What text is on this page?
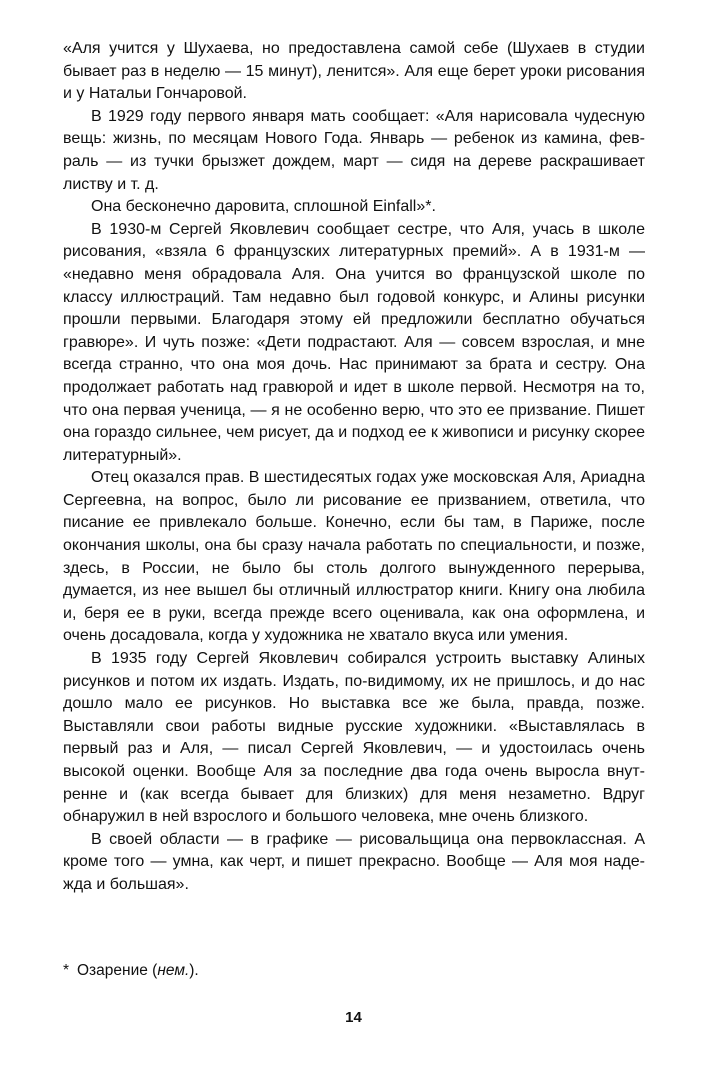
«Аля учится у Шухаева, но предоставлена самой себе (Шухаев в студии бывает раз в неделю — 15 минут), ленится». Аля еще берет уроки рисования и у Натальи Гончаровой.

В 1929 году первого января мать сообщает: «Аля нарисовала чудесную вещь: жизнь, по месяцам Нового Года. Январь — ребенок из камина, февраль — из тучки брызжет дождем, март — сидя на дереве раскрашивает листву и т. д.

Она бесконечно даровита, сплошной Einfall»*.

В 1930-м Сергей Яковлевич сообщает сестре, что Аля, учась в школе рисования, «взяла 6 французских литературных премий». А в 1931-м — «недавно меня обрадовала Аля. Она учится во французской школе по классу иллюстраций. Там недавно был годовой конкурс, и Алины рисунки прошли первыми. Благодаря этому ей предложили бесплатно обучаться гравюре». И чуть позже: «Дети подрастают. Аля — совсем взрослая, и мне всегда странно, что она моя дочь. Нас принимают за брата и сестру. Она продолжает работать над гравюрой и идет в школе первой. Несмотря на то, что она первая ученица, — я не особенно верю, что это ее призвание. Пишет она гораздо сильнее, чем рисует, да и подход ее к живописи и рисунку скорее литературный».

Отец оказался прав. В шестидесятых годах уже московская Аля, Ариадна Сергеевна, на вопрос, было ли рисование ее призванием, ответила, что писание ее привлекало больше. Конечно, если бы там, в Париже, после окончания школы, она бы сразу начала работать по специальности, и позже, здесь, в России, не было бы столь долгого вынужденного перерыва, думается, из нее вышел бы отличный иллюстратор книги. Книгу она любила и, беря ее в руки, всегда прежде всего оценивала, как она оформлена, и очень досадовала, когда у художника не хватало вкуса или умения.

В 1935 году Сергей Яковлевич собирался устроить выставку Алиных рисунков и потом их издать. Издать, по-видимому, их не пришлось, и до нас дошло мало ее рисунков. Но выставка все же была, правда, позже. Выставляли свои работы видные русские художники. «Выставлялась в первый раз и Аля, — писал Сергей Яковлевич, — и удостоилась очень высокой оценки. Вообще Аля за последние два года очень выросла внутренне и (как всегда бывает для близких) для меня незаметно. Вдруг обнаружил в ней взрослого и большого человека, мне очень близкого.

В своей области — в графике — рисовальщица она первоклассная. А кроме того — умна, как черт, и пишет прекрасно. Вообще — Аля моя надежда и большая».

* Озарение (нем.).
14
